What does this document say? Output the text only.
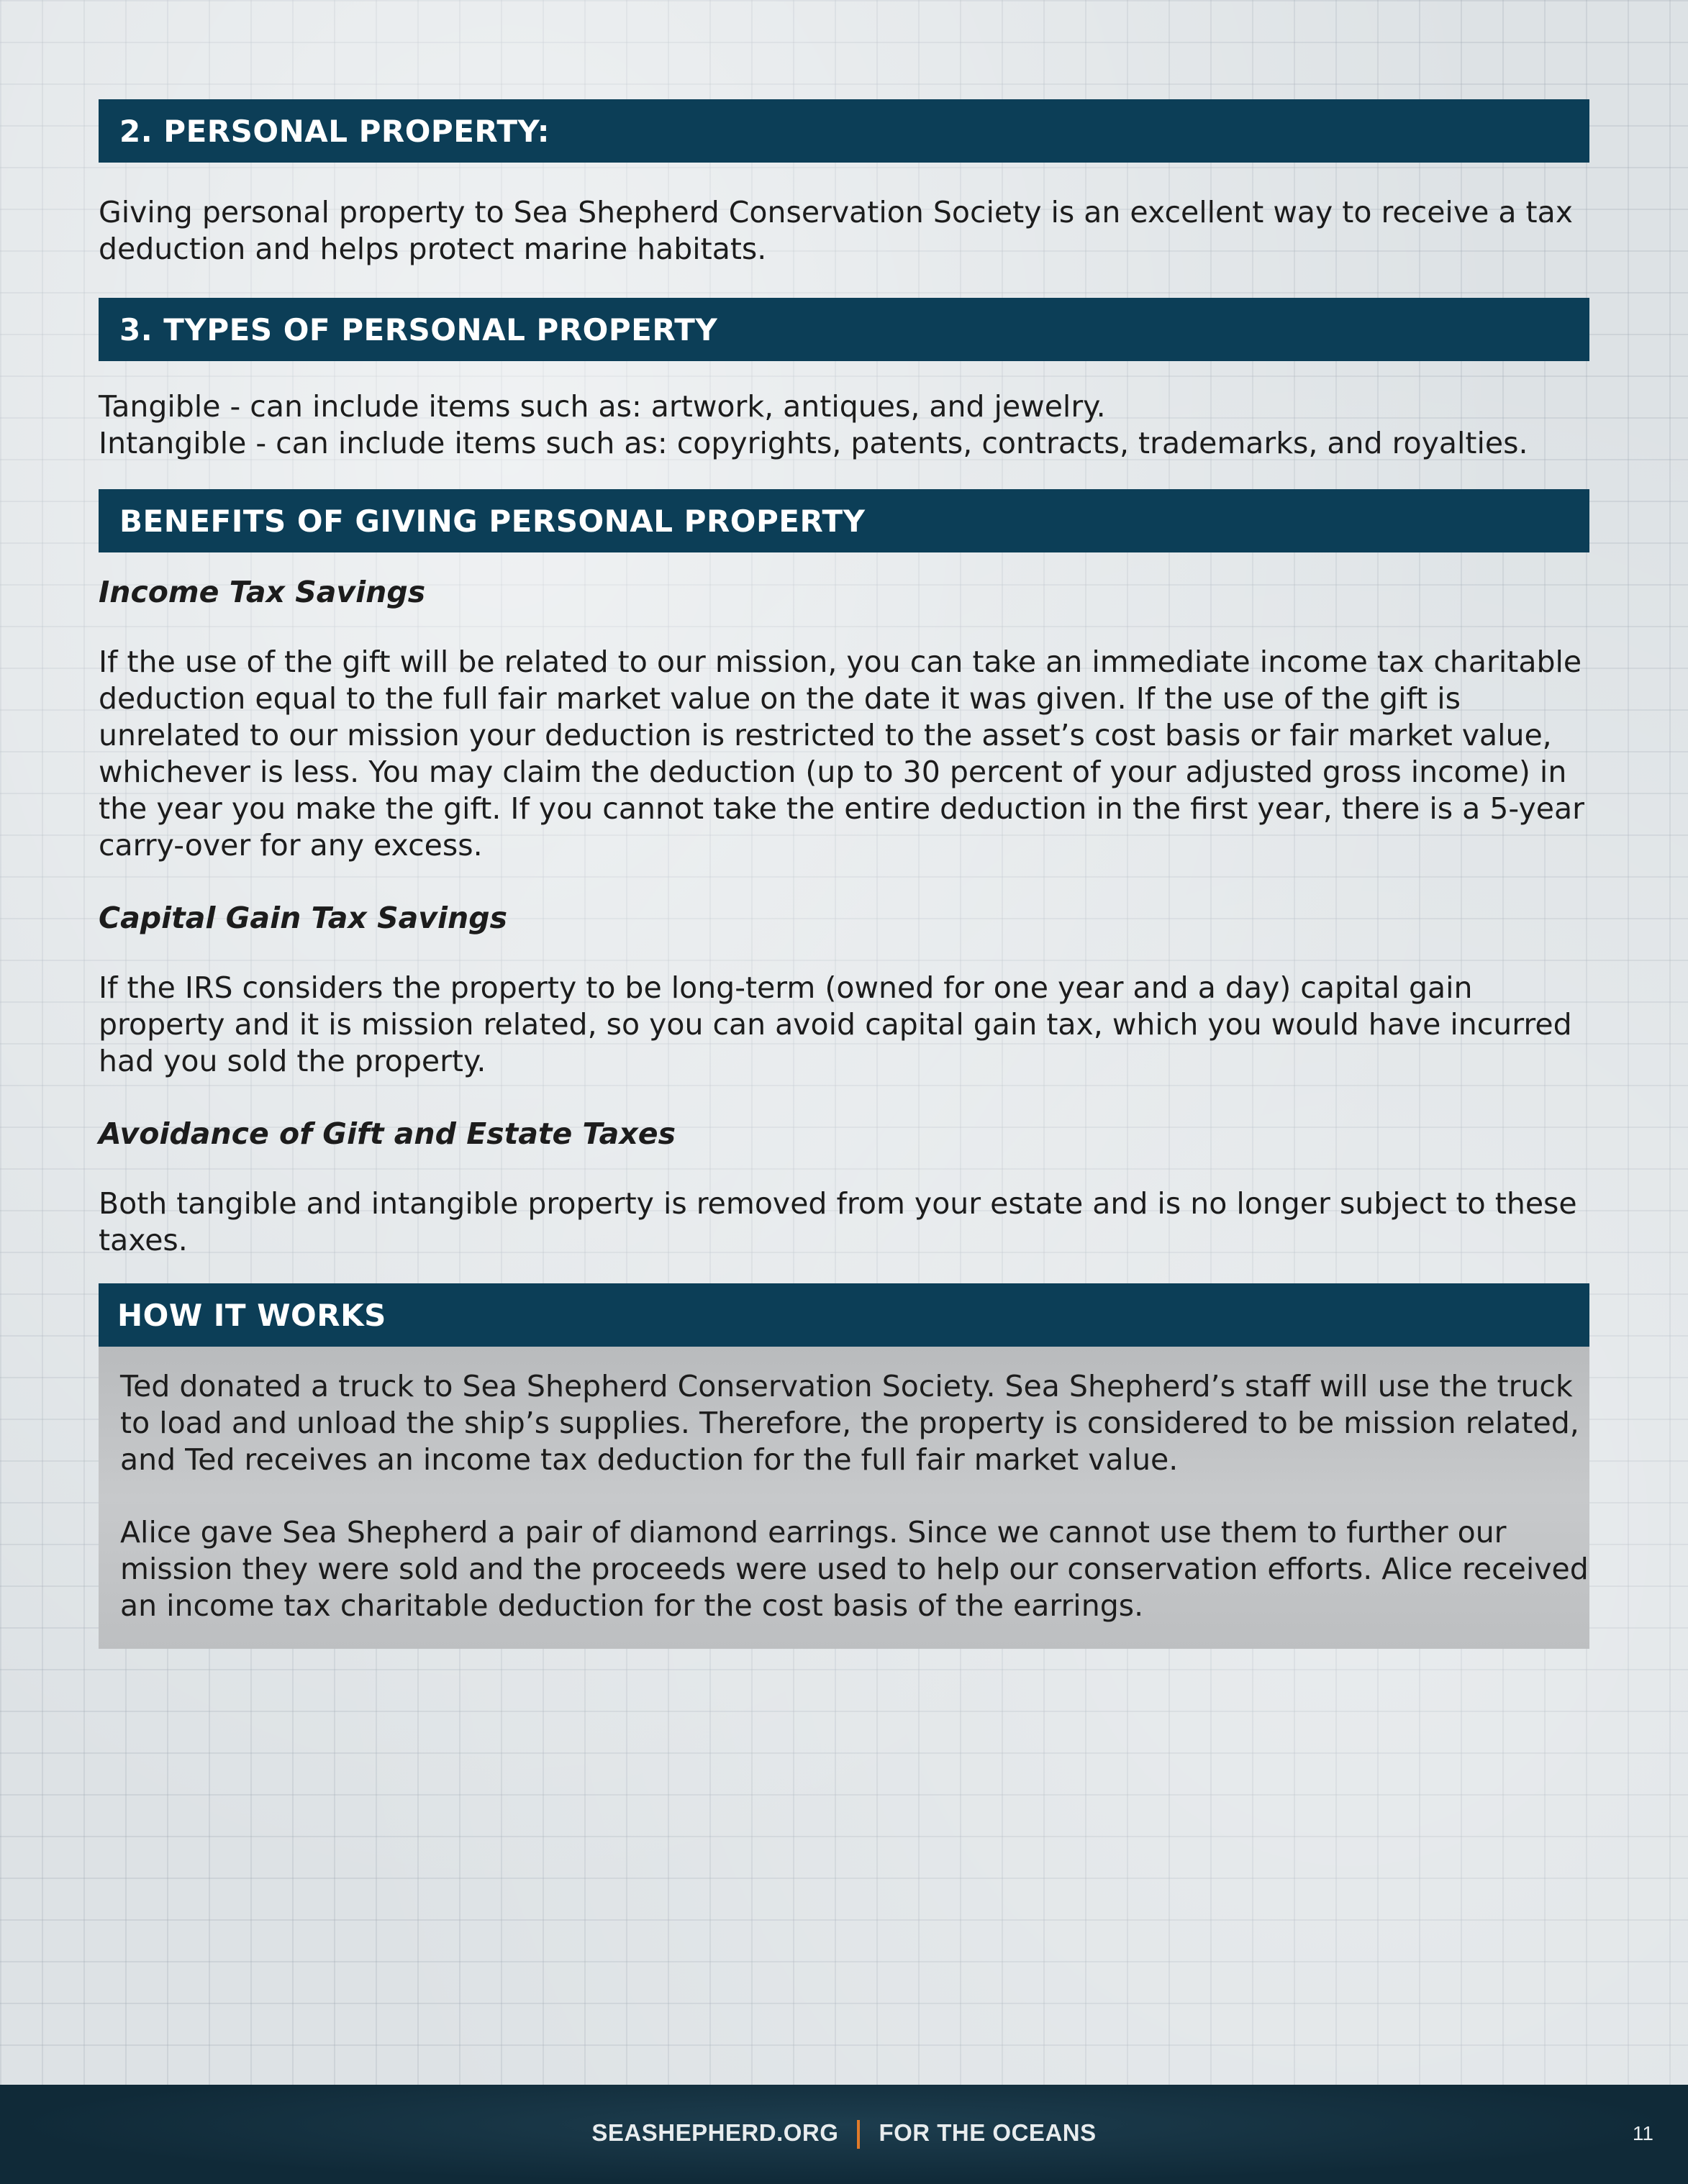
2. PERSONAL PROPERTY:

Giving personal property to Sea Shepherd Conservation Society is an excellent way to receive a tax deduction and helps protect marine habitats.

3. TYPES OF PERSONAL PROPERTY

Tangible - can include items such as: artwork, antiques, and jewelry.

Intangible - can include items such as: copyrights, patents, contracts, trademarks, and royalties.

BENEFITS OF GIVING PERSONAL PROPERTY

Income Tax Savings

If the use of the gift will be related to our mission, you can take an immediate income tax charitable deduction equal to the full fair market value on the date it was given. If the use of the gift is unrelated to our mission your deduction is restricted to the asset’s cost basis or fair market value, whichever is less. You may claim the deduction (up to 30 percent of your adjusted gross income) in the year you make the gift. If you cannot take the entire deduction in the first year, there is a 5-year carry-over for any excess.

Capital Gain Tax Savings

If the IRS considers the property to be long-term (owned for one year and a day) capital gain property and it is mission related, so you can avoid capital gain tax, which you would have incurred had you sold the property.

Avoidance of Gift and Estate Taxes

Both tangible and intangible property is removed from your estate and is no longer subject to these taxes.

HOW IT WORKS

Ted donated a truck to Sea Shepherd Conservation Society. Sea Shepherd’s staff will use the truck to load and unload the ship’s supplies. Therefore, the property is considered to be mission related, and Ted receives an income tax deduction for the full fair market value.

Alice gave Sea Shepherd a pair of diamond earrings. Since we cannot use them to further our mission they were sold and the proceeds were used to help our conservation efforts. Alice received an income tax charitable deduction for the cost basis of the earrings.

SEASHEPHERD.ORG FOR THE OCEANS	11
